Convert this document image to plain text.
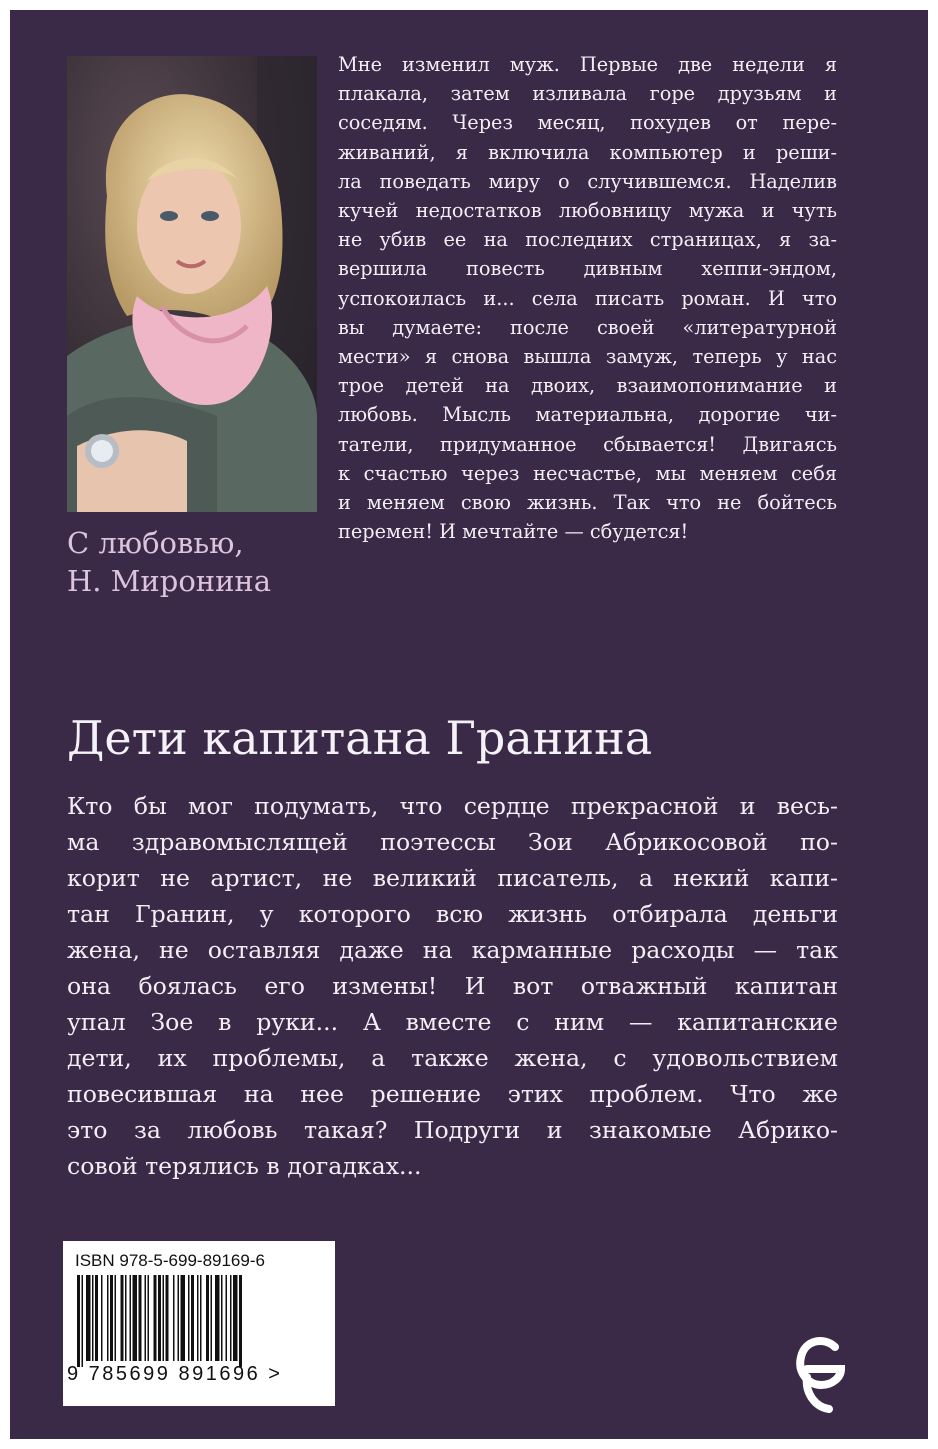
С любовью,
Н. Миронина
Мне изменил муж. Первые две недели я
плакала, затем изливала горе друзьям и
соседям. Через месяц, похудев от пере-
живаний, я включила компьютер и реши-
ла поведать миру о случившемся. Наделив
кучей недостатков любовницу мужа и чуть
не убив ее на последних страницах, я за-
вершила повесть дивным хеппи-эндом,
успокоилась и... села писать роман. И что
вы думаете: после своей «литературной
мести» я снова вышла замуж, теперь у нас
трое детей на двоих, взаимопонимание и
любовь. Мысль материальна, дорогие чи-
татели, придуманное сбывается! Двигаясь
к счастью через несчастье, мы меняем себя
и меняем свою жизнь. Так что не бойтесь
перемен! И мечтайте — сбудется!
Дети капитана Гранина
Кто бы мог подумать, что сердце прекрасной и весь-
ма здравомыслящей поэтессы Зои Абрикосовой по-
корит не артист, не великий писатель, а некий капи-
тан Гранин, у которого всю жизнь отбирала деньги
жена, не оставляя даже на карманные расходы — так
она боялась его измены! И вот отважный капитан
упал Зое в руки... А вместе с ним — капитанские
дети, их проблемы, а также жена, с удовольствием
повесившая на нее решение этих проблем. Что же
это за любовь такая? Подруги и знакомые Абрико-
совой терялись в догадках...
ISBN 978-5-699-89169-6
9 785699 891696 >
